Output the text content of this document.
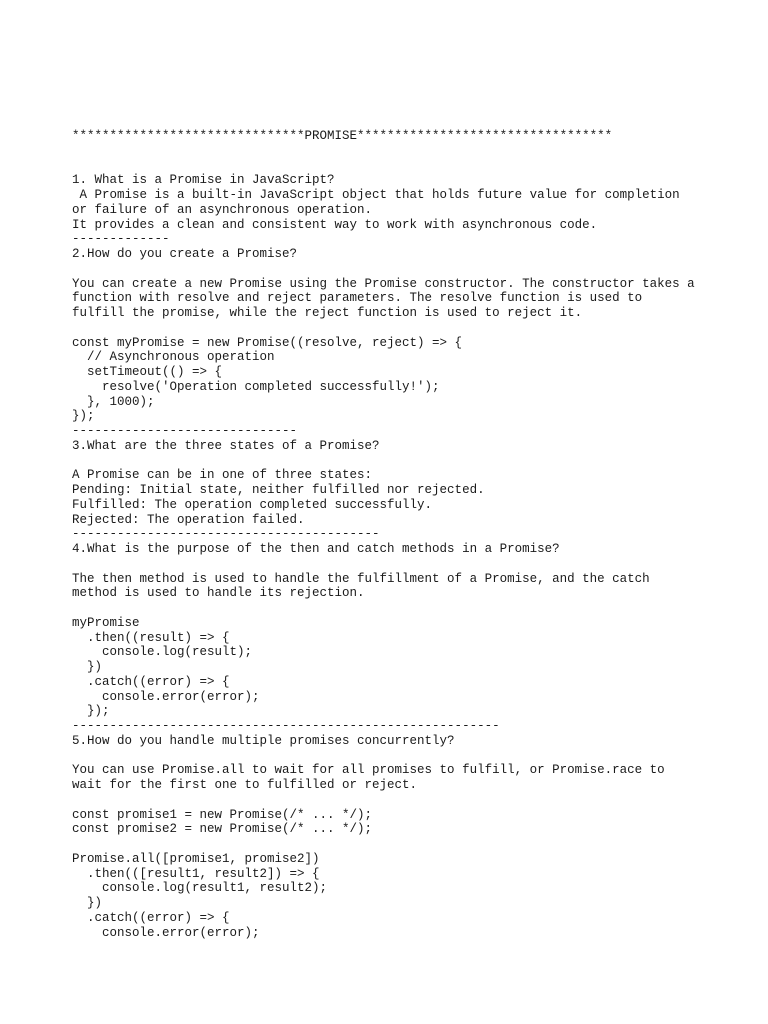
*******************************PROMISE**********************************
1. What is a Promise in JavaScript?
A Promise is a built-in JavaScript object that holds future value for completion
or failure of an asynchronous operation.
It provides a clean and consistent way to work with asynchronous code.
-------------
2.How do you create a Promise?
You can create a new Promise using the Promise constructor. The constructor takes a
function with resolve and reject parameters. The resolve function is used to
fulfill the promise, while the reject function is used to reject it.
const myPromise = new Promise((resolve, reject) => {
// Asynchronous operation
setTimeout(() => {
resolve('Operation completed successfully!');
}, 1000);
});
------------------------------
3.What are the three states of a Promise?
A Promise can be in one of three states:
Pending: Initial state, neither fulfilled nor rejected.
Fulfilled: The operation completed successfully.
Rejected: The operation failed.
-----------------------------------------
4.What is the purpose of the then and catch methods in a Promise?
The then method is used to handle the fulfillment of a Promise, and the catch
method is used to handle its rejection.
myPromise
.then((result) => {
console.log(result);
})
.catch((error) => {
console.error(error);
});
---------------------------------------------------------
5.How do you handle multiple promises concurrently?
You can use Promise.all to wait for all promises to fulfill, or Promise.race to
wait for the first one to fulfilled or reject.
const promise1 = new Promise(/* ... */);
const promise2 = new Promise(/* ... */);
Promise.all([promise1, promise2])
.then(([result1, result2]) => {
console.log(result1, result2);
})
.catch((error) => {
console.error(error);
